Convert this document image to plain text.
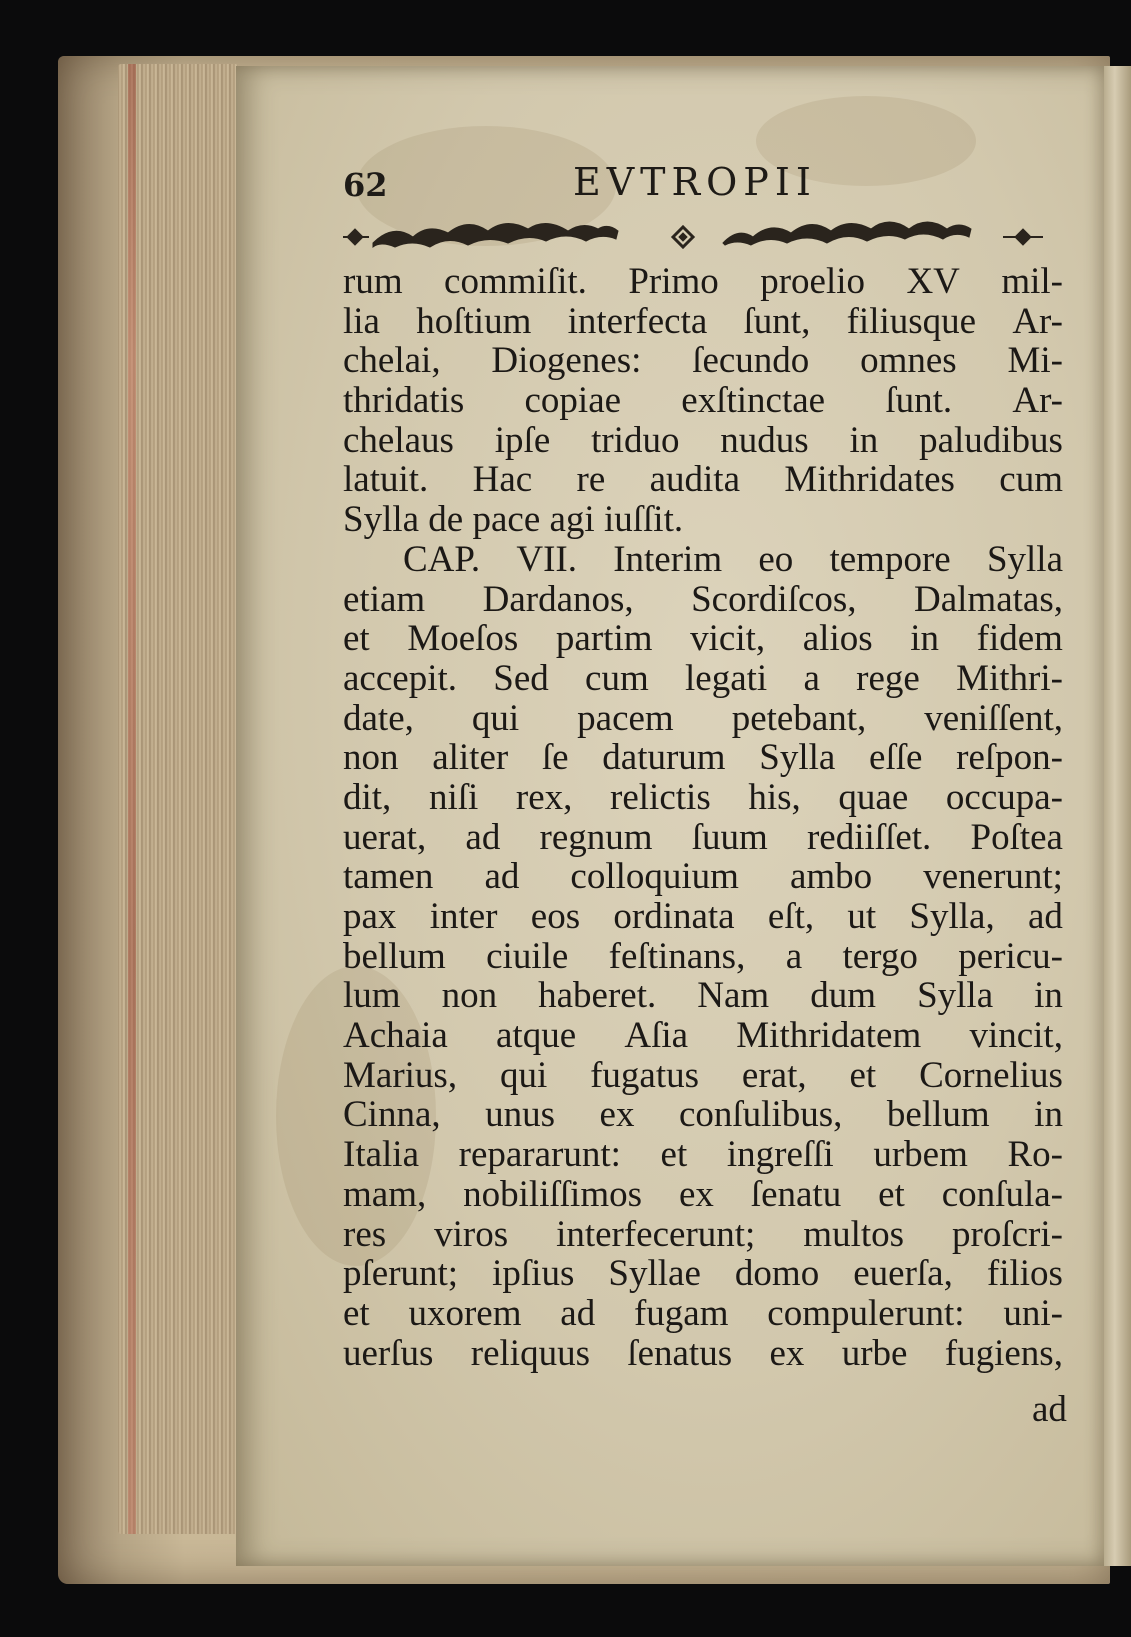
62	EVTROPII
rum commiſit. Primo proelio XV mil-
lia hoſtium interfecta ſunt, filiusque Ar-
chelai, Diogenes: ſecundo omnes Mi-
thridatis copiae exſtinctae ſunt. Ar-
chelaus ipſe triduo nudus in paludibus
latuit. Hac re audita Mithridates cum
Sylla de pace agi iuſſit.
CAP. VII. Interim eo tempore Sylla
etiam Dardanos, Scordiſcos, Dalmatas,
et Moeſos partim vicit, alios in fidem
accepit. Sed cum legati a rege Mithri-
date, qui pacem petebant, veniſſent,
non aliter ſe daturum Sylla eſſe reſpon-
dit, niſi rex, relictis his, quae occupa-
uerat, ad regnum ſuum rediiſſet. Poſtea
tamen ad colloquium ambo venerunt;
pax inter eos ordinata eſt, ut Sylla, ad
bellum ciuile feſtinans, a tergo pericu-
lum non haberet. Nam dum Sylla in
Achaia atque Aſia Mithridatem vincit,
Marius, qui fugatus erat, et Cornelius
Cinna, unus ex conſulibus, bellum in
Italia repararunt: et ingreſſi urbem Ro-
mam, nobiliſſimos ex ſenatu et conſula-
res viros interfecerunt; multos proſcri-
pſerunt; ipſius Syllae domo euerſa, filios
et uxorem ad fugam compulerunt: uni-
uerſus reliquus ſenatus ex urbe fugiens,
ad
